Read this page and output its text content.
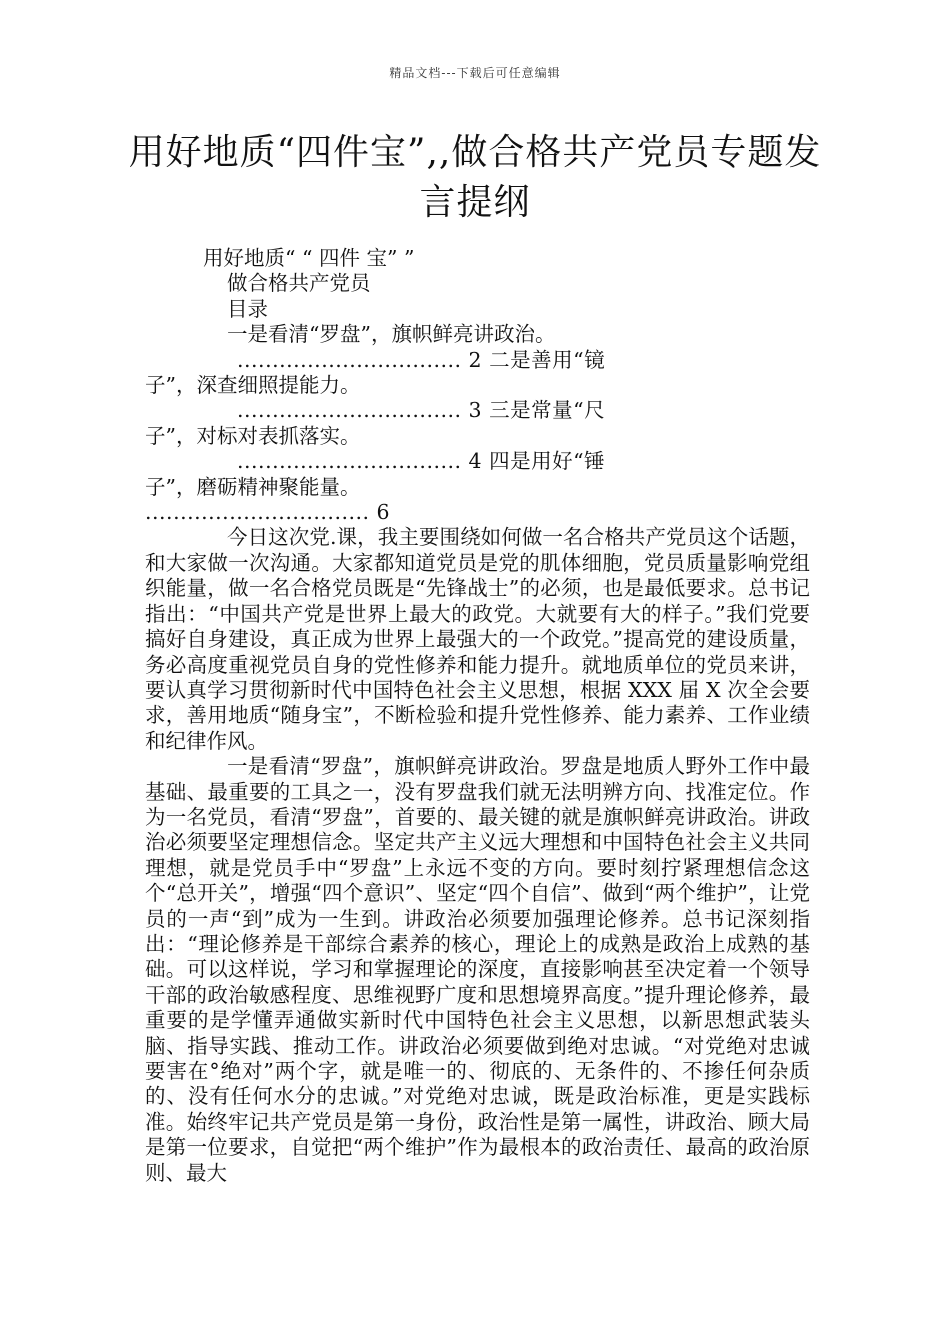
精品文档---下载后可任意编辑
用好地质“四件宝”,,做合格共产党员专题发言提纲
用好地质“ “ 四件 宝” ”
做合格共产党员
目录
一是看清“罗盘”，旗帜鲜亮讲政治。
................................ 2 二是善用“镜
子”，深查细照提能力。
................................ 3 三是常量“尺
子”，对标对表抓落实。
................................ 4 四是用好“锤
子”，磨砺精神聚能量。
................................ 6

今日这次党.课，我主要围绕如何做一名合格共产党员这个话题，和大家做一次沟通。大家都知道党员是党的肌体细胞，党员质量影响党组织能量，做一名合格党员既是“先锋战士”的必须，也是最低要求。总书记指出：“中国共产党是世界上最大的政党。大就要有大的样子。”我们党要搞好自身建设，真正成为世界上最强大的一个政党。”提高党的建设质量，务必高度重视党员自身的党性修养和能力提升。就地质单位的党员来讲，要认真学习贯彻新时代中国特色社会主义思想，根据 XXX 届 X 次全会要求，善用地质“随身宝”，不断检验和提升党性修养、能力素养、工作业绩和纪律作风。

一是看清“罗盘”，旗帜鲜亮讲政治。罗盘是地质人野外工作中最基础、最重要的工具之一，没有罗盘我们就无法明辨方向、找准定位。作为一名党员，看清“罗盘”，首要的、最关键的就是旗帜鲜亮讲政治。讲政治必须要坚定理想信念。坚定共产主义远大理想和中国特色社会主义共同理想，就是党员手中“罗盘”上永远不变的方向。要时刻拧紧理想信念这个“总开关”，增强“四个意识”、坚定“四个自信”、做到“两个维护”，让党员的一声“到”成为一生到。讲政治必须要加强理论修养。总书记深刻指出：“理论修养是干部综合素养的核心，理论上的成熟是政治上成熟的基础。可以这样说，学习和掌握理论的深度，直接影响甚至决定着一个领导干部的政治敏感程度、思维视野广度和思想境界高度。”提升理论修养，最重要的是学懂弄通做实新时代中国特色社会主义思想，以新思想武装头脑、指导实践、推动工作。讲政治必须要做到绝对忠诚。“对党绝对忠诚要害在°绝对”两个字，就是唯一的、彻底的、无条件的、不掺任何杂质的、没有任何水分的忠诚。”对党绝对忠诚，既是政治标准，更是实践标准。始终牢记共产党员是第一身份，政治性是第一属性，讲政治、顾大局是第一位要求，自觉把“两个维护”作为最根本的政治责任、最高的政治原则、最大
